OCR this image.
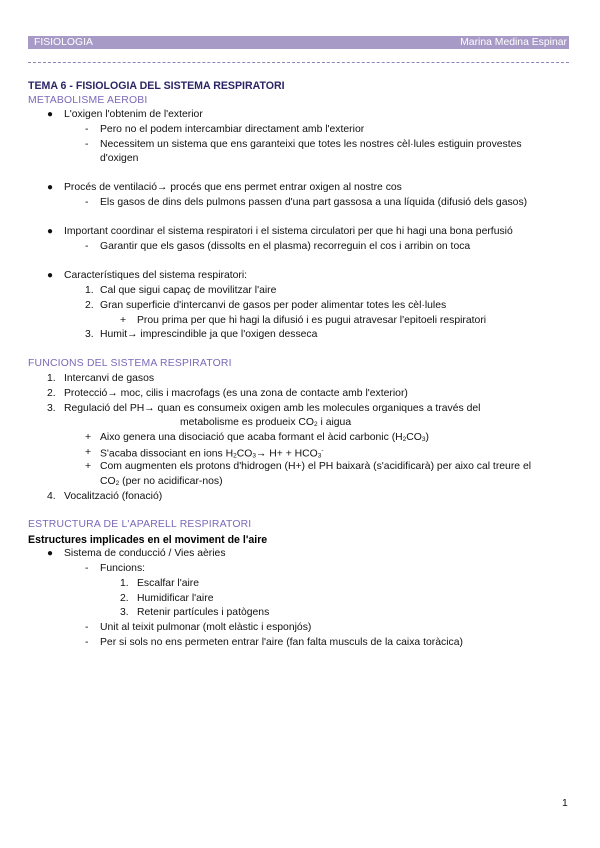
FISIOLOGIA	Marina Medina Espinar
TEMA 6 - FISIOLOGIA DEL SISTEMA RESPIRATORI
METABOLISME AEROBI
● L'oxigen l'obtenim de l'exterior
- Pero no el podem intercambiar directament amb l'exterior
- Necessitem un sistema que ens garanteixi que totes les nostres cèl·lules estiguin provestes
d'oxigen
● Procés de ventilació→ procés que ens permet entrar oxigen al nostre cos
- Els gasos de dins dels pulmons passen d'una part gassosa a una líquida (difusió dels gasos)
● Important coordinar el sistema respiratori i el sistema circulatori per que hi hagi una bona perfusió
- Garantir que els gasos (dissolts en el plasma) recorreguin el cos i arribin on toca
● Característiques del sistema respiratori:
1. Cal que sigui capaç de movilitzar l'aire
2. Gran superficie d'intercanvi de gasos per poder alimentar totes les cèl·lules
+ Prou prima per que hi hagi la difusió i es pugui atravesar l'epitoeli respiratori
3. Humit→ imprescindible ja que l'oxigen desseca
FUNCIONS DEL SISTEMA RESPIRATORI
1. Intercanvi de gasos
2. Protecció→ moc, cilis i macrofags (es una zona de contacte amb l'exterior)
3. Regulació del PH→ quan es consumeix oxigen amb les molecules organiques a través del
metabolisme es produeix $CO_2$ i aigua
+ Aixo genera una disociació que acaba formant el àcid carbonic $(H_2CO_3)$
+ S'acaba dissociant en ions $H_2CO_3\to H+ + HCO_3^-$
+ Com augmenten els protons d'hidrogen (H+) el PH baixarà (s'acidificarà) per aixo cal treure el
$CO_2$ (per no acidificar-nos)
4. Vocalització (fonació)
ESTRUCTURA DE L'APARELL RESPIRATORI
Estructures implicades en el moviment de l'aire
● Sistema de conducció / Vies aèries
- Funcions:
1. Escalfar l'aire
2. Humidificar l'aire
3. Retenir partícules i patògens
- Unit al teixit pulmonar (molt elàstic i esponjós)
- Per si sols no ens permeten entrar l'aire (fan falta musculs de la caixa toràcica)
1
